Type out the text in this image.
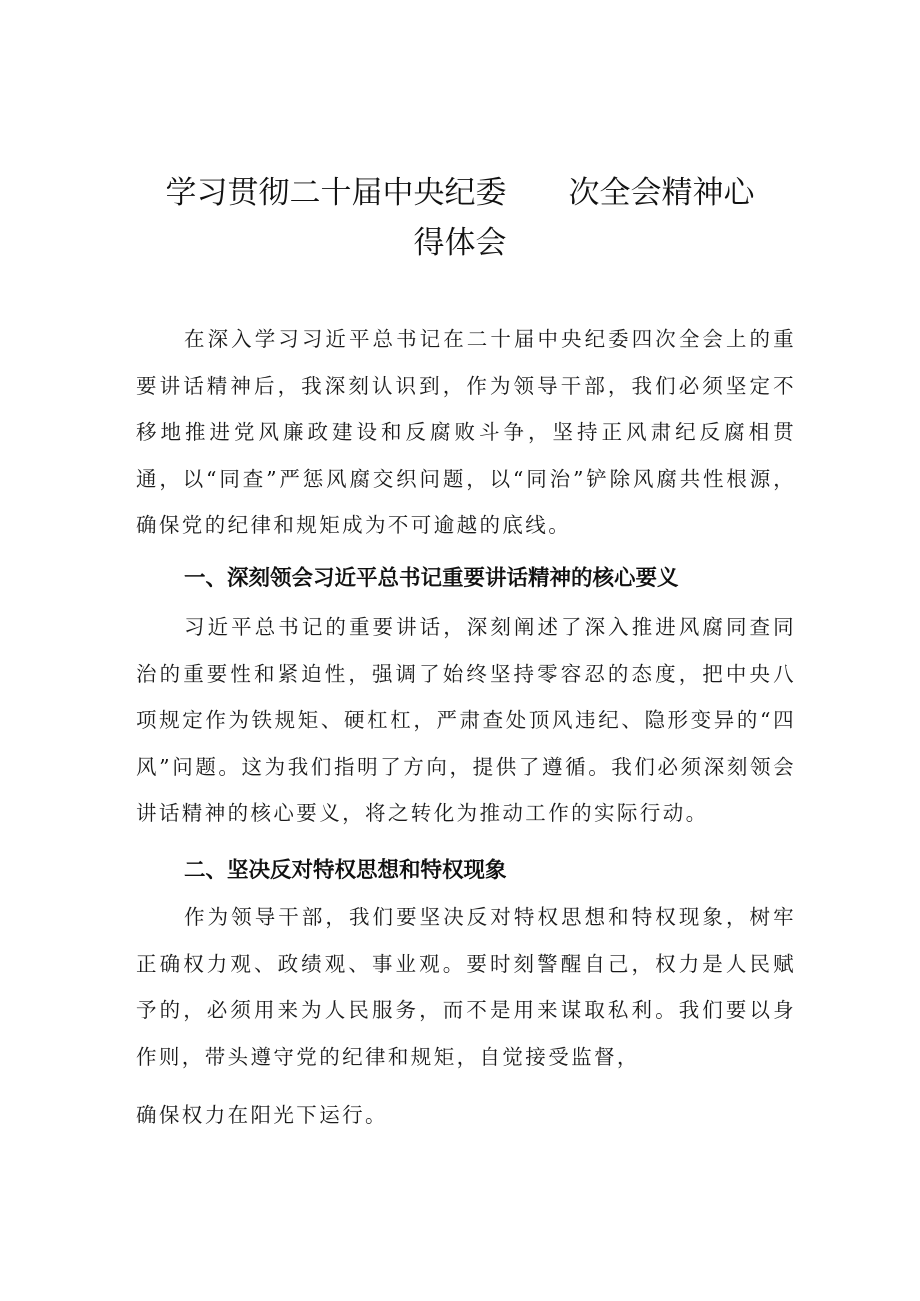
学习贯彻二十届中央纪委　　次全会精神心
得体会

在深入学习习近平总书记在二十届中央纪委四次全会上的重要讲话精神后，我深刻认识到，作为领导干部，我们必须坚定不移地推进党风廉政建设和反腐败斗争，坚持正风肃纪反腐相贯通，以“同查”严惩风腐交织问题，以“同治”铲除风腐共性根源，确保党的纪律和规矩成为不可逾越的底线。

一、深刻领会习近平总书记重要讲话精神的核心要义

习近平总书记的重要讲话，深刻阐述了深入推进风腐同查同治的重要性和紧迫性，强调了始终坚持零容忍的态度，把中央八项规定作为铁规矩、硬杠杠，严肃查处顶风违纪、隐形变异的“四风”问题。这为我们指明了方向，提供了遵循。我们必须深刻领会讲话精神的核心要义，将之转化为推动工作的实际行动。

二、坚决反对特权思想和特权现象

作为领导干部，我们要坚决反对特权思想和特权现象，树牢正确权力观、政绩观、事业观。要时刻警醒自己，权力是人民赋予的，必须用来为人民服务，而不是用来谋取私利。我们要以身作则，带头遵守党的纪律和规矩，自觉接受监督，

确保权力在阳光下运行。
